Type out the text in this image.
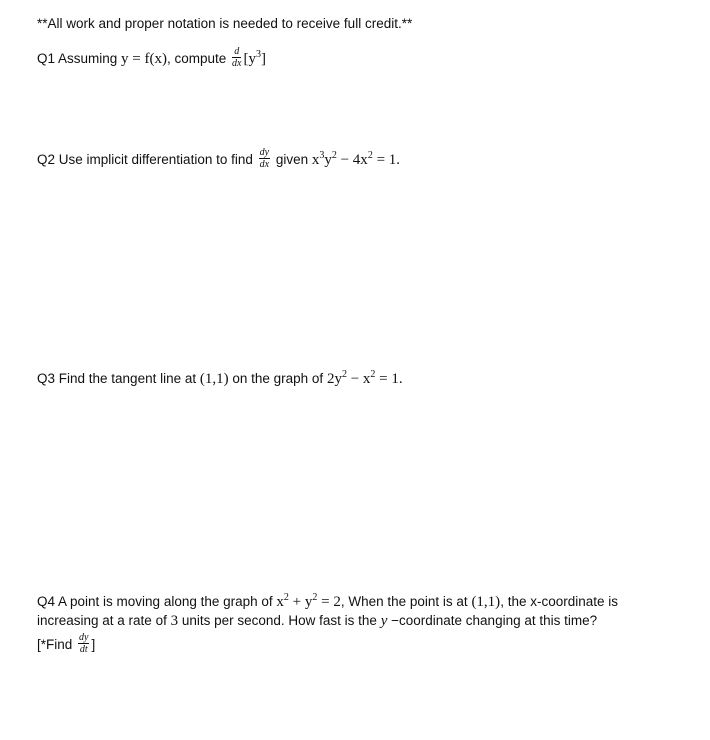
**All work and proper notation is needed to receive full credit.**
Q1 Assuming y = f(x), compute $\frac{d}{dx} [y^3]$
Q2 Use implicit differentiation to find $\frac{dy}{dx}$ given $x^3y^2 - 4x^2 = 1$.
Q3 Find the tangent line at (1,1) on the graph of $2y^2 - x^2 = 1$.
Q4 A point is moving along the graph of $x^2 + y^2 = 2$, When the point is at (1,1), the x-coordinate is
increasing at a rate of 3 units per second. How fast is the y −coordinate changing at this time?
[*Find $\frac{dy}{dt}$ ]
